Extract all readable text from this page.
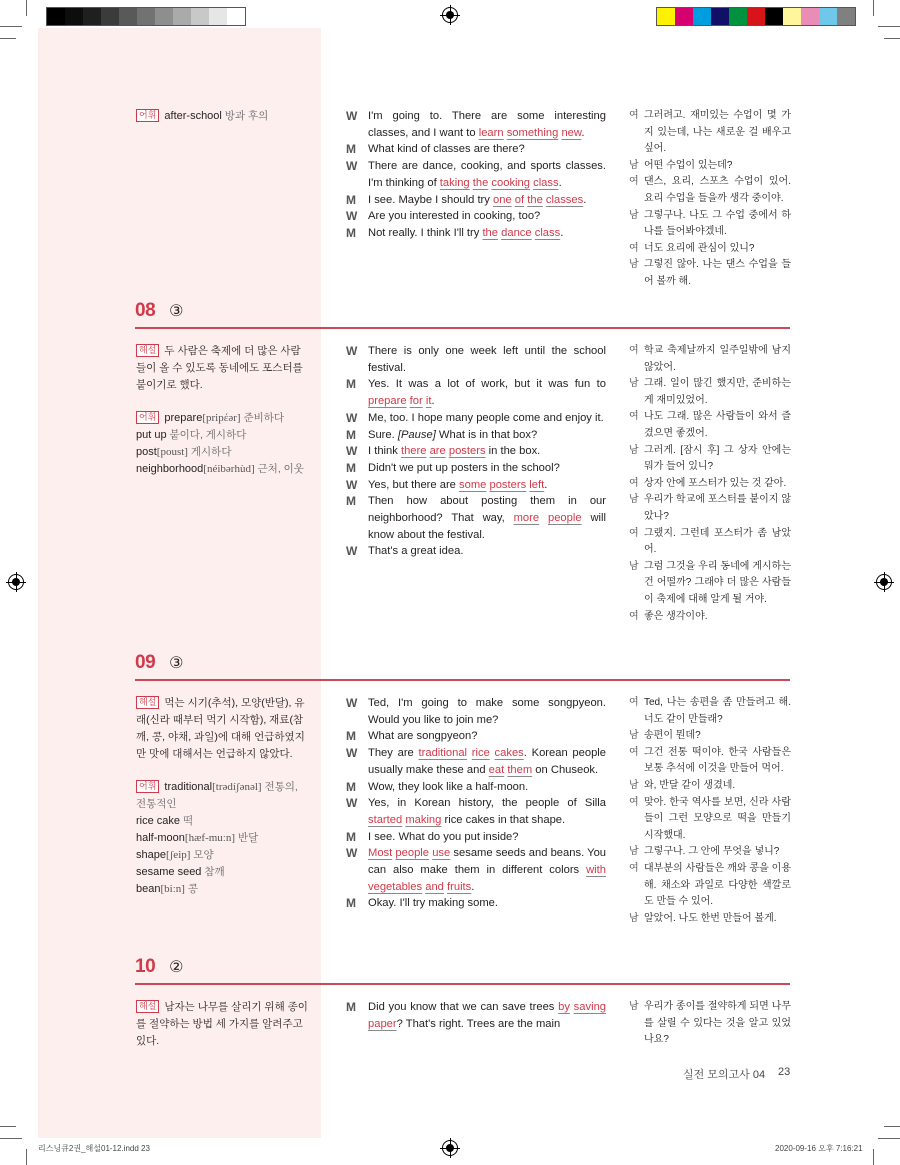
어휘 after-school 방과 후의	W I'm going to. There are some interesting classes, and I want to learn something new.
M	What kind of classes are there?
W There are dance, cooking, and sports classes. I'm thinking of taking the cooking class.
M	I see. Maybe I should try one of the classes.
W Are you interested in cooking, too?
M	Not really. I think I'll try the dance class.
여 그러려고. 재미있는 수업이 몇 가지 있는데, 나는 새로운 걸 배우고 싶어.
남 어떤 수업이 있는데?
여 댄스, 요리, 스포츠 수업이 있어. 요리 수업을 들을까 생각 중이야.
남 그렇구나. 나도 그 수업 중에서 하나를 들어봐야겠네.
여 너도 요리에 관심이 있니?
남 그렇진 않아. 나는 댄스 수업을 들어 볼까 해.
08 ③
해설 두 사람은 축제에 더 많은 사람들이 올 수 있도록 동네에도 포스터를 붙이기로 했다.
어휘 prepare[pripέər] 준비하다
put up 붙이다, 게시하다
post[poust] 게시하다
neighborhood[néibərhùd] 근처, 이웃
W There is only one week left until the school festival.
M	Yes. It was a lot of work, but it was fun to prepare for it.
W Me, too. I hope many people come and enjoy it.
M	Sure. [Pause] What is in that box?
W I think there are posters in the box.
M	Didn't we put up posters in the school?
W Yes, but there are some posters left.
M	Then how about posting them in our neighborhood? That way, more people will know about the festival.
W That's a great idea.
여 학교 축제날까지 일주일밖에 남지 않았어.
남 그래. 일이 많긴 했지만, 준비하는 게 재미있었어.
여 나도 그래. 많은 사람들이 와서 즐겼으면 좋겠어.
남 그러게. [잠시 후] 그 상자 안에는 뭐가 들어 있니?
여 상자 안에 포스터가 있는 것 같아.
남 우리가 학교에 포스터를 붙이지 않았나?
여 그랬지. 그런데 포스터가 좀 남았어.
남 그럼 그것을 우리 동네에 게시하는 건 어떨까? 그래야 더 많은 사람들이 축제에 대해 알게 될 거야.
여 좋은 생각이야.
09 ③
해설 먹는 시기(추석), 모양(반달), 유래(신라 때부터 먹기 시작함), 재료(참깨, 콩, 야채, 과일)에 대해 언급하였지만 맛에 대해서는 언급하지 않았다.
어휘 traditional[trədíʃənəl] 전통의, 전통적인
rice cake 떡
half-moon[hæf-muːn] 반달
shape[ʃeip] 모양
sesame seed 참깨
bean[biːn] 콩
W Ted, I'm going to make some songpyeon. Would you like to join me?
M	What are songpyeon?
W They are traditional rice cakes. Korean people usually make these and eat them on Chuseok.
M	Wow, they look like a half-moon.
W Yes, in Korean history, the people of Silla started making rice cakes in that shape.
M	I see. What do you put inside?
W Most people use sesame seeds and beans. You can also make them in different colors with vegetables and fruits.
M	Okay. I'll try making some.
여 Ted, 나는 송편을 좀 만들려고 해. 너도 같이 만들래?
남 송편이 뭔데?
여 그건 전통 떡이야. 한국 사람들은 보통 추석에 이것을 만들어 먹어.
남 와, 반달 같이 생겼네.
여 맞아. 한국 역사를 보면, 신라 사람들이 그런 모양으로 떡을 만들기 시작했대.
남 그렇구나. 그 안에 무엇을 넣니?
여 대부분의 사람들은 깨와 콩을 이용해. 채소와 과일로 다양한 색깔로도 만들 수 있어.
남 알았어. 나도 한번 만들어 볼게.
10 ②
해설 남자는 나무를 살리기 위해 종이를 절약하는 방법 세 가지를 알려주고 있다.
M	Did you know that we can save trees by saving paper? That's right. Trees are the main
남 우리가 종이를 절약하게 되면 나무를 살릴 수 있다는 것을 알고 있었나요?
실전 모의고사 04 23
리스닝큐2권_해설01-12.indd 23	2020-09-16 오후 7:16:21
